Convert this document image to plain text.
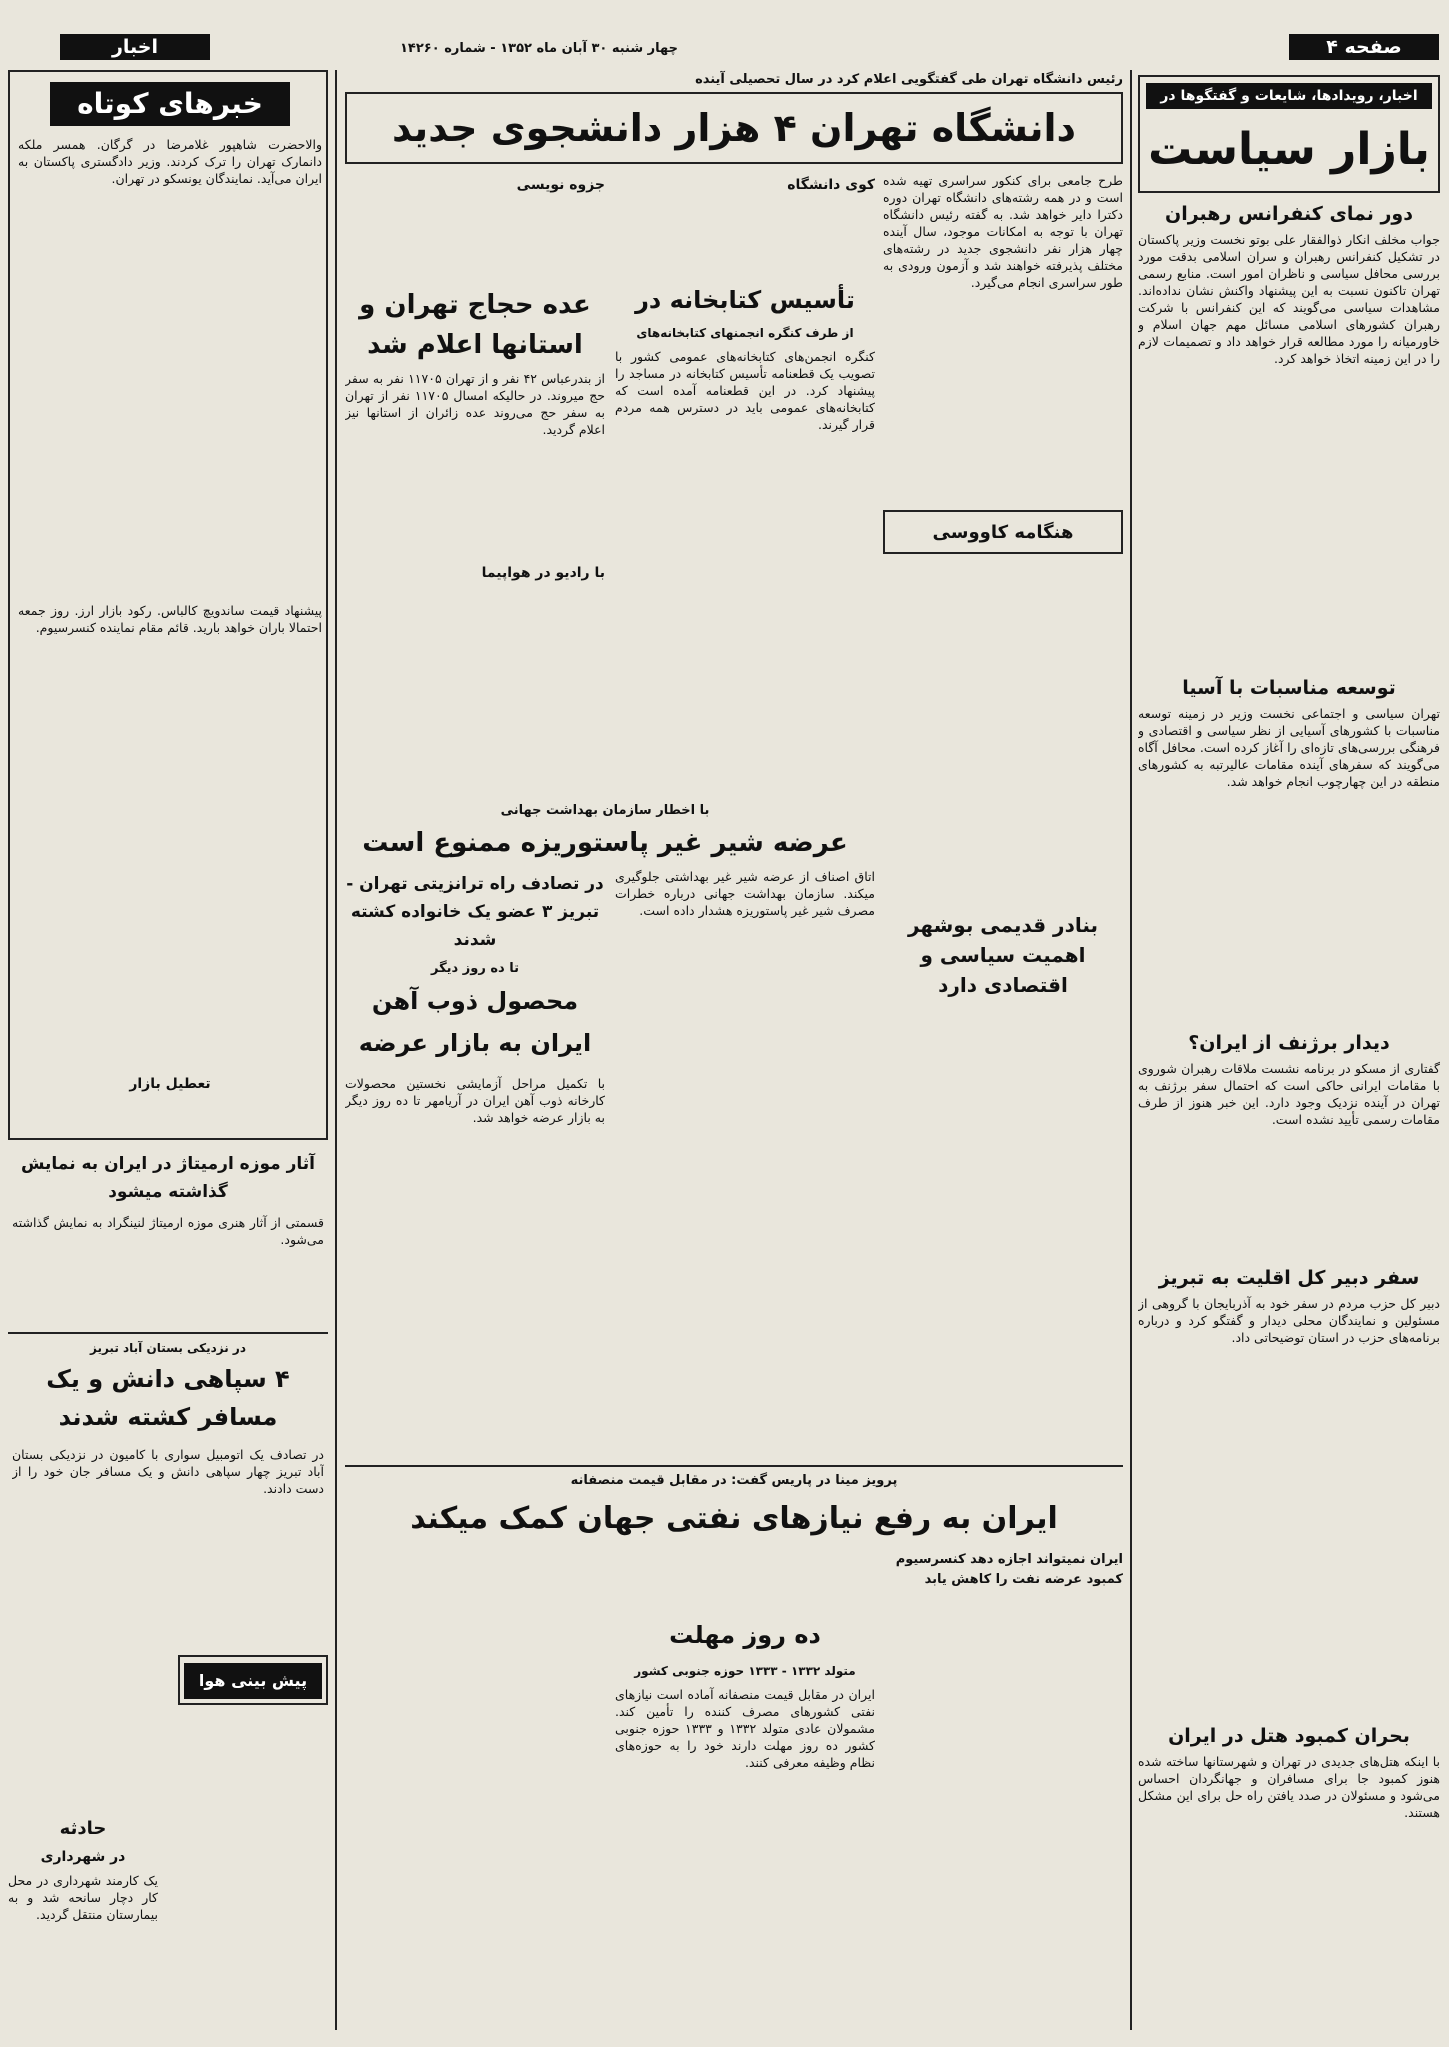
صفحه ۴
چهار شنبه ۳۰ آبان ماه ۱۳۵۲ - شماره ۱۴۲۶۰
اخبار
اخبار، رویدادها، شایعات و گفتگوها در
بازار سیاست
دور نمای کنفرانس رهبران
جواب مخلف انکار ذوالفقار علی بوتو نخست وزیر پاکستان در تشکیل کنفرانس رهبران و سران اسلامی بدقت مورد بررسی محافل سیاسی و ناظران امور است. منابع رسمی تهران تاکنون نسبت به این پیشنهاد واکنش نشان نداده‌اند. مشاهدات سیاسی می‌گویند که این کنفرانس با شرکت رهبران کشورهای اسلامی مسائل مهم جهان اسلام و خاورمیانه را مورد مطالعه قرار خواهد داد و تصمیمات لازم را در این زمینه اتخاذ خواهد کرد.
توسعه مناسبات با آسیا
تهران سیاسی و اجتماعی نخست وزیر در زمینه توسعه مناسبات با کشورهای آسیایی از نظر سیاسی و اقتصادی و فرهنگی بررسی‌های تازه‌ای را آغاز کرده است. محافل آگاه می‌گویند که سفرهای آینده مقامات عالیرتبه به کشورهای منطقه در این چهارچوب انجام خواهد شد.
دیدار برژنف از ایران؟
گفتاری از مسکو در برنامه نشست ملاقات رهبران شوروی با مقامات ایرانی حاکی است که احتمال سفر برژنف به تهران در آینده نزدیک وجود دارد. این خبر هنوز از طرف مقامات رسمی تأیید نشده است.
سفر دبیر کل اقلیت به تبریز
دبیر کل حزب مردم در سفر خود به آذربایجان با گروهی از مسئولین و نمایندگان محلی دیدار و گفتگو کرد و درباره برنامه‌های حزب در استان توضیحاتی داد.
بحران کمبود هتل در ایران
با اینکه هتل‌های جدیدی در تهران و شهرستانها ساخته شده هنوز کمبود جا برای مسافران و جهانگردان احساس می‌شود و مسئولان در صدد یافتن راه حل برای این مشکل هستند.
رئیس دانشگاه تهران طی گفتگویی اعلام کرد در سال تحصیلی آینده
دانشگاه تهران ۴ هزار دانشجوی جدید
طرح جامعی برای کنکور سراسری تهیه شده است و در همه رشته‌های دانشگاه تهران دوره دکترا دایر خواهد شد. به گفته رئیس دانشگاه تهران با توجه به امکانات موجود، سال آینده چهار هزار نفر دانشجوی جدید در رشته‌های مختلف پذیرفته خواهند شد و آزمون ورودی به طور سراسری انجام می‌گیرد.
هنگامه کاووسی
کوی دانشگاه
جزوه نویسی
تأسیس کتابخانه در
از طرف کنگره انجمنهای کتابخانه‌های
کنگره انجمن‌های کتابخانه‌های عمومی کشور با تصویب یک قطعنامه تأسیس کتابخانه در مساجد را پیشنهاد کرد. در این قطعنامه آمده است که کتابخانه‌های عمومی باید در دسترس همه مردم قرار گیرند.
عده حجاج تهران و استانها اعلام شد
از بندرعباس ۴۲ نفر و از تهران ۱۱۷۰۵ نفر به سفر حج میروند. در حالیکه امسال ۱۱۷۰۵ نفر از تهران به سفر حج می‌روند عده زائران از استانها نیز اعلام گردید.
با رادیو در هواپیما
با اخطار سازمان بهداشت جهانی
عرضه شیر غیر پاستوریزه ممنوع است
اتاق اصناف از عرضه شیر غیر بهداشتی جلوگیری میکند. سازمان بهداشت جهانی درباره خطرات مصرف شیر غیر پاستوریزه هشدار داده است.
در تصادف راه ترانزیتی تهران - تبریز ۳ عضو یک خانواده کشته شدند
بنادر قدیمی بوشهر اهمیت سیاسی و اقتصادی دارد
تا ده روز دیگر
محصول ذوب آهن ایران به بازار عرضه
با تکمیل مراحل آزمایشی نخستین محصولات کارخانه ذوب آهن ایران در آریامهر تا ده روز دیگر به بازار عرضه خواهد شد.
پرویز مینا در پاریس گفت: در مقابل قیمت منصفانه
ایران به رفع نیازهای نفتی جهان کمک میکند
ایران نمیتواند اجازه دهد کنسرسیوم کمبود عرضه نفت را کاهش یابد
ده روز مهلت
متولد ۱۳۳۲ - ۱۳۳۳ حوزه جنوبی کشور
ایران در مقابل قیمت منصفانه آماده است نیازهای نفتی کشورهای مصرف کننده را تأمین کند. مشمولان عادی متولد ۱۳۳۲ و ۱۳۳۳ حوزه جنوبی کشور ده روز مهلت دارند خود را به حوزه‌های نظام وظیفه معرفی کنند.
خبرهای کوتاه
والاحضرت شاهپور غلامرضا در گرگان. همسر ملکه دانمارک تهران را ترک کردند. وزیر دادگستری پاکستان به ایران می‌آید. نمایندگان یونسکو در تهران.
پیشنهاد قیمت ساندویچ کالباس. رکود بازار ارز. روز جمعه احتمالا باران خواهد بارید. قائم مقام نماینده کنسرسیوم.
تعطیل بازار
آثار موزه ارمیتاژ در ایران به نمایش گذاشته میشود
قسمتی از آثار هنری موزه ارمیتاژ لنینگراد به نمایش گذاشته می‌شود.
در نزدیکی بستان آباد تبریز
۴ سپاهی دانش و یک مسافر کشته شدند
در تصادف یک اتومبیل سواری با کامیون در نزدیکی بستان آباد تبریز چهار سپاهی دانش و یک مسافر جان خود را از دست دادند.
پیش بینی هوا
حادثه
در شهرداری
یک کارمند شهرداری در محل کار دچار سانحه شد و به بیمارستان منتقل گردید.
